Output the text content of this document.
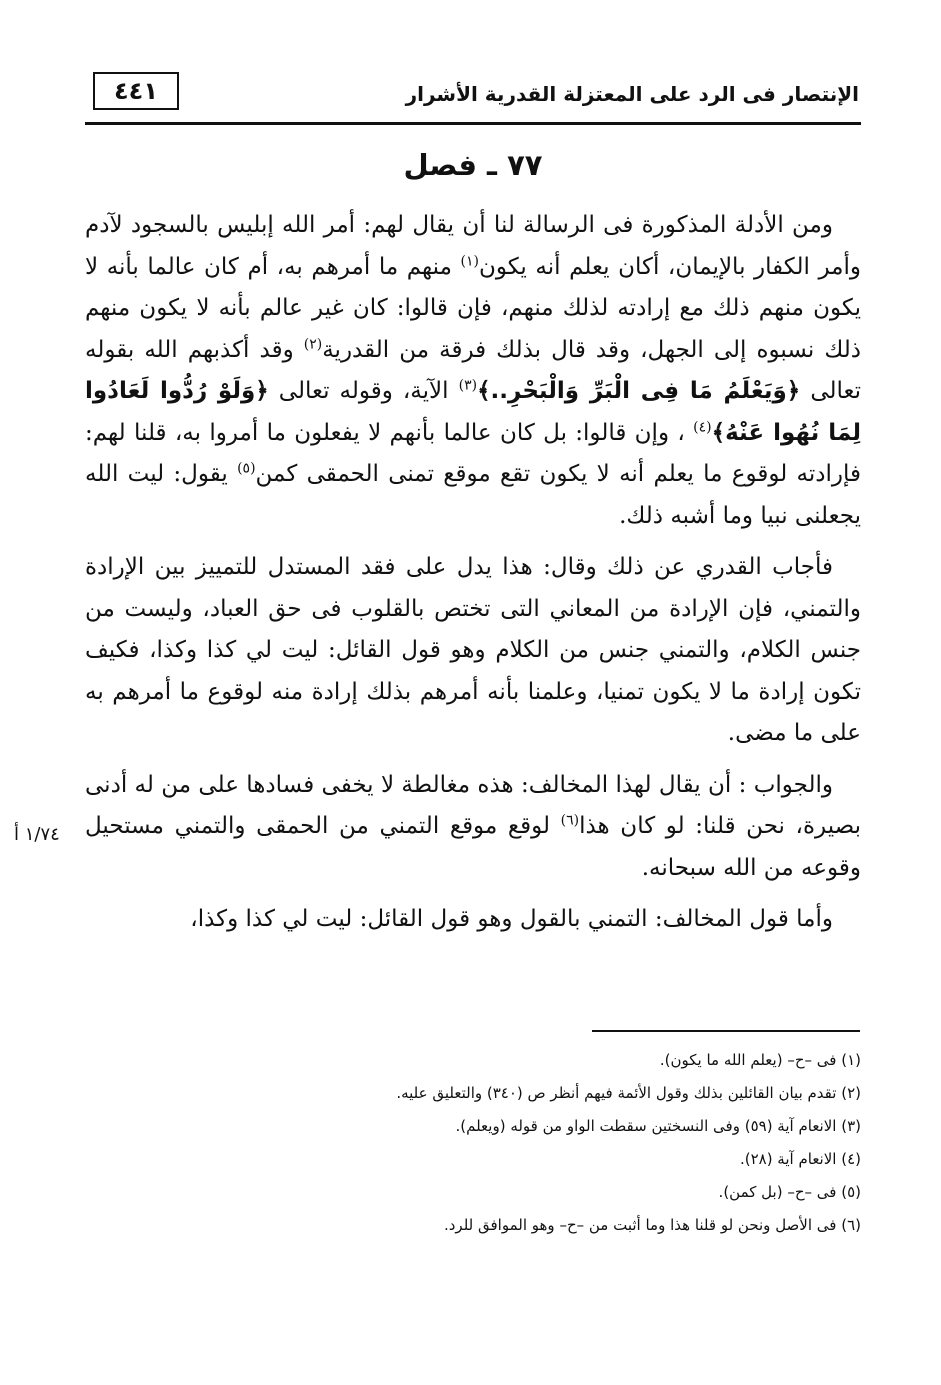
٤٤١	الإنتصار فى الرد على المعتزلة القدرية الأشرار
٧٧ ـ فصل
١/٧٤ أ

ومن الأدلة المذكورة فى الرسالة لنا أن يقال لهم: أمر الله إبليس بالسجود لآدم وأمر الكفار بالإيمان، أكان يعلم أنه يكون$^{(١)}$ منهم ما أمرهم به، أم كان عالما بأنه لا يكون منهم ذلك مع إرادته لذلك منهم، فإن قالوا: كان غير عالم بأنه لا يكون منهم ذلك نسبوه إلى الجهل، وقد قال بذلك فرقة من القدرية$^{(٢)}$ وقد أكذبهم الله بقوله تعالى ﴿وَيَعْلَمُ مَا فِى الْبَرِّ وَالْبَحْرِ..﴾$^{(٣)}$ الآية، وقوله تعالى ﴿وَلَوْ رُدُّوا لَعَادُوا لِمَا نُهُوا عَنْهُ﴾$^{(٤)}$ ، وإن قالوا: بل كان عالما بأنهم لا يفعلون ما أمروا به، قلنا لهم: فإرادته لوقوع ما يعلم أنه لا يكون تقع موقع تمنى الحمقى كمن$^{(٥)}$ يقول: ليت الله يجعلنى نبيا وما أشبه ذلك.

فأجاب القدري عن ذلك وقال: هذا يدل على فقد المستدل للتمييز بين الإرادة والتمني، فإن الإرادة من المعاني التى تختص بالقلوب فى حق العباد، وليست من جنس الكلام، والتمني جنس من الكلام وهو قول القائل: ليت لي كذا وكذا، فكيف تكون إرادة ما لا يكون تمنيا، وعلمنا بأنه أمرهم بذلك إرادة منه لوقوع ما أمرهم به على ما مضى.

والجواب : أن يقال لهذا المخالف: هذه مغالطة لا يخفى فسادها على من له أدنى بصيرة، نحن قلنا: لو كان هذا$^{(٦)}$ لوقع موقع التمني من الحمقى والتمني مستحيل وقوعه من الله سبحانه.

وأما قول المخالف: التمني بالقول وهو قول القائل: ليت لي كذا وكذا،

(١) فى –ح– (يعلم الله ما يكون).
(٢) تقدم بيان القائلين بذلك وقول الأئمة فيهم أنظر ص (٣٤٠) والتعليق عليه.
(٣) الانعام آية (٥٩) وفى النسختين سقطت الواو من قوله (ويعلم).
(٤) الانعام آية (٢٨).
(٥) فى –ح– (بل كمن).
(٦) فى الأصل ونحن لو قلنا هذا وما أثبت من –ح– وهو الموافق للرد.
